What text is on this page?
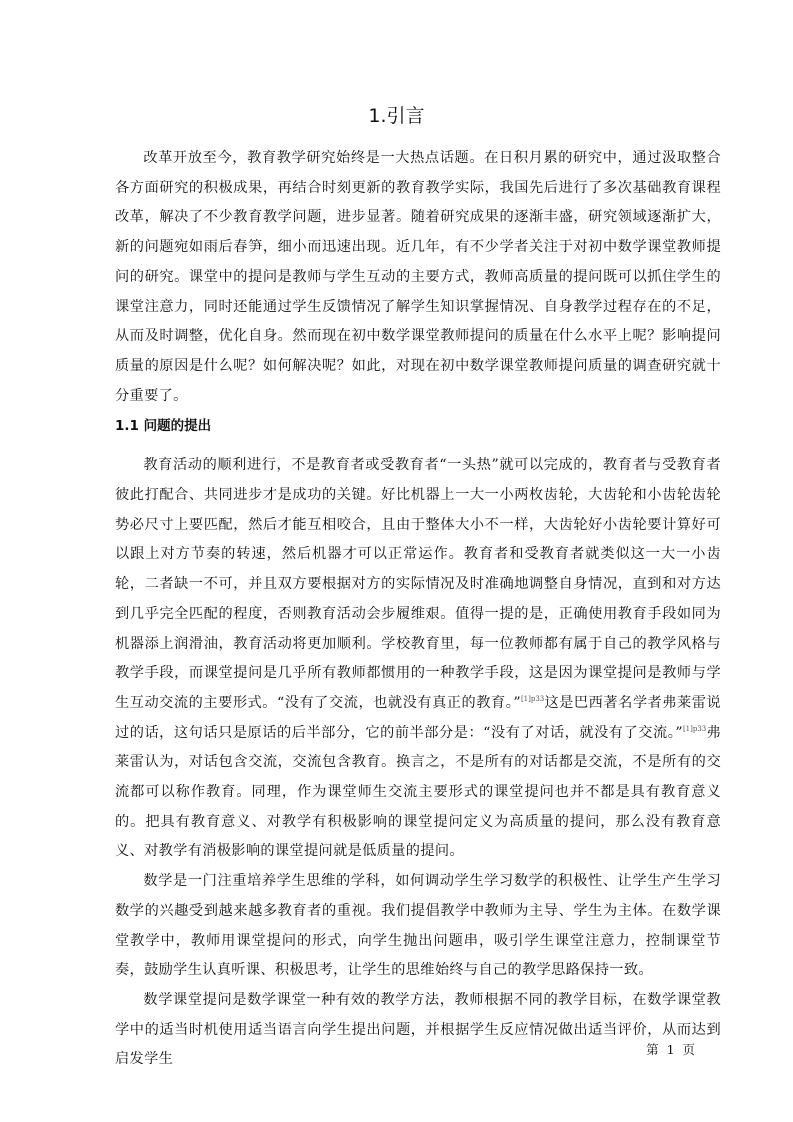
1.引言

改革开放至今，教育教学研究始终是一大热点话题。在日积月累的研究中，通过汲取整合各方面研究的积极成果，再结合时刻更新的教育教学实际，我国先后进行了多次基础教育课程改革，解决了不少教育教学问题，进步显著。随着研究成果的逐渐丰盛，研究领域逐渐扩大，新的问题宛如雨后春笋，细小而迅速出现。近几年，有不少学者关注于对初中数学课堂教师提问的研究。课堂中的提问是教师与学生互动的主要方式，教师高质量的提问既可以抓住学生的课堂注意力，同时还能通过学生反馈情况了解学生知识掌握情况、自身教学过程存在的不足，从而及时调整，优化自身。然而现在初中数学课堂教师提问的质量在什么水平上呢？影响提问质量的原因是什么呢？如何解决呢？如此，对现在初中数学课堂教师提问质量的调查研究就十分重要了。

1.1 问题的提出

教育活动的顺利进行，不是教育者或受教育者“一头热”就可以完成的，教育者与受教育者彼此打配合、共同进步才是成功的关键。好比机器上一大一小两枚齿轮，大齿轮和小齿轮齿轮势必尺寸上要匹配，然后才能互相咬合，且由于整体大小不一样，大齿轮好小齿轮要计算好可以跟上对方节奏的转速，然后机器才可以正常运作。教育者和受教育者就类似这一大一小齿轮，二者缺一不可，并且双方要根据对方的实际情况及时准确地调整自身情况，直到和对方达到几乎完全匹配的程度，否则教育活动会步履维艰。值得一提的是，正确使用教育手段如同为机器添上润滑油，教育活动将更加顺利。学校教育里，每一位教师都有属于自己的教学风格与教学手段，而课堂提问是几乎所有教师都惯用的一种教学手段，这是因为课堂提问是教师与学生互动交流的主要形式。“没有了交流，也就没有真正的教育。”$^{[1]p33}$这是巴西著名学者弗莱雷说过的话，这句话只是原话的后半部分，它的前半部分是：“没有了对话，就没有了交流。”$^{[1]p33}$弗莱雷认为，对话包含交流，交流包含教育。换言之，不是所有的对话都是交流，不是所有的交流都可以称作教育。同理，作为课堂师生交流主要形式的课堂提问也并不都是具有教育意义的。把具有教育意义、对教学有积极影响的课堂提问定义为高质量的提问，那么没有教育意义、对教学有消极影响的课堂提问就是低质量的提问。

数学是一门注重培养学生思维的学科，如何调动学生学习数学的积极性、让学生产生学习数学的兴趣受到越来越多教育者的重视。我们提倡教学中教师为主导、学生为主体。在数学课堂教学中，教师用课堂提问的形式，向学生抛出问题串，吸引学生课堂注意力，控制课堂节奏，鼓励学生认真听课、积极思考，让学生的思维始终与自己的教学思路保持一致。

数学课堂提问是数学课堂一种有效的教学方法，教师根据不同的教学目标，在数学课堂教学中的适当时机使用适当语言向学生提出问题，并根据学生反应情况做出适当评价，从而达到启发学生

第 1 页
